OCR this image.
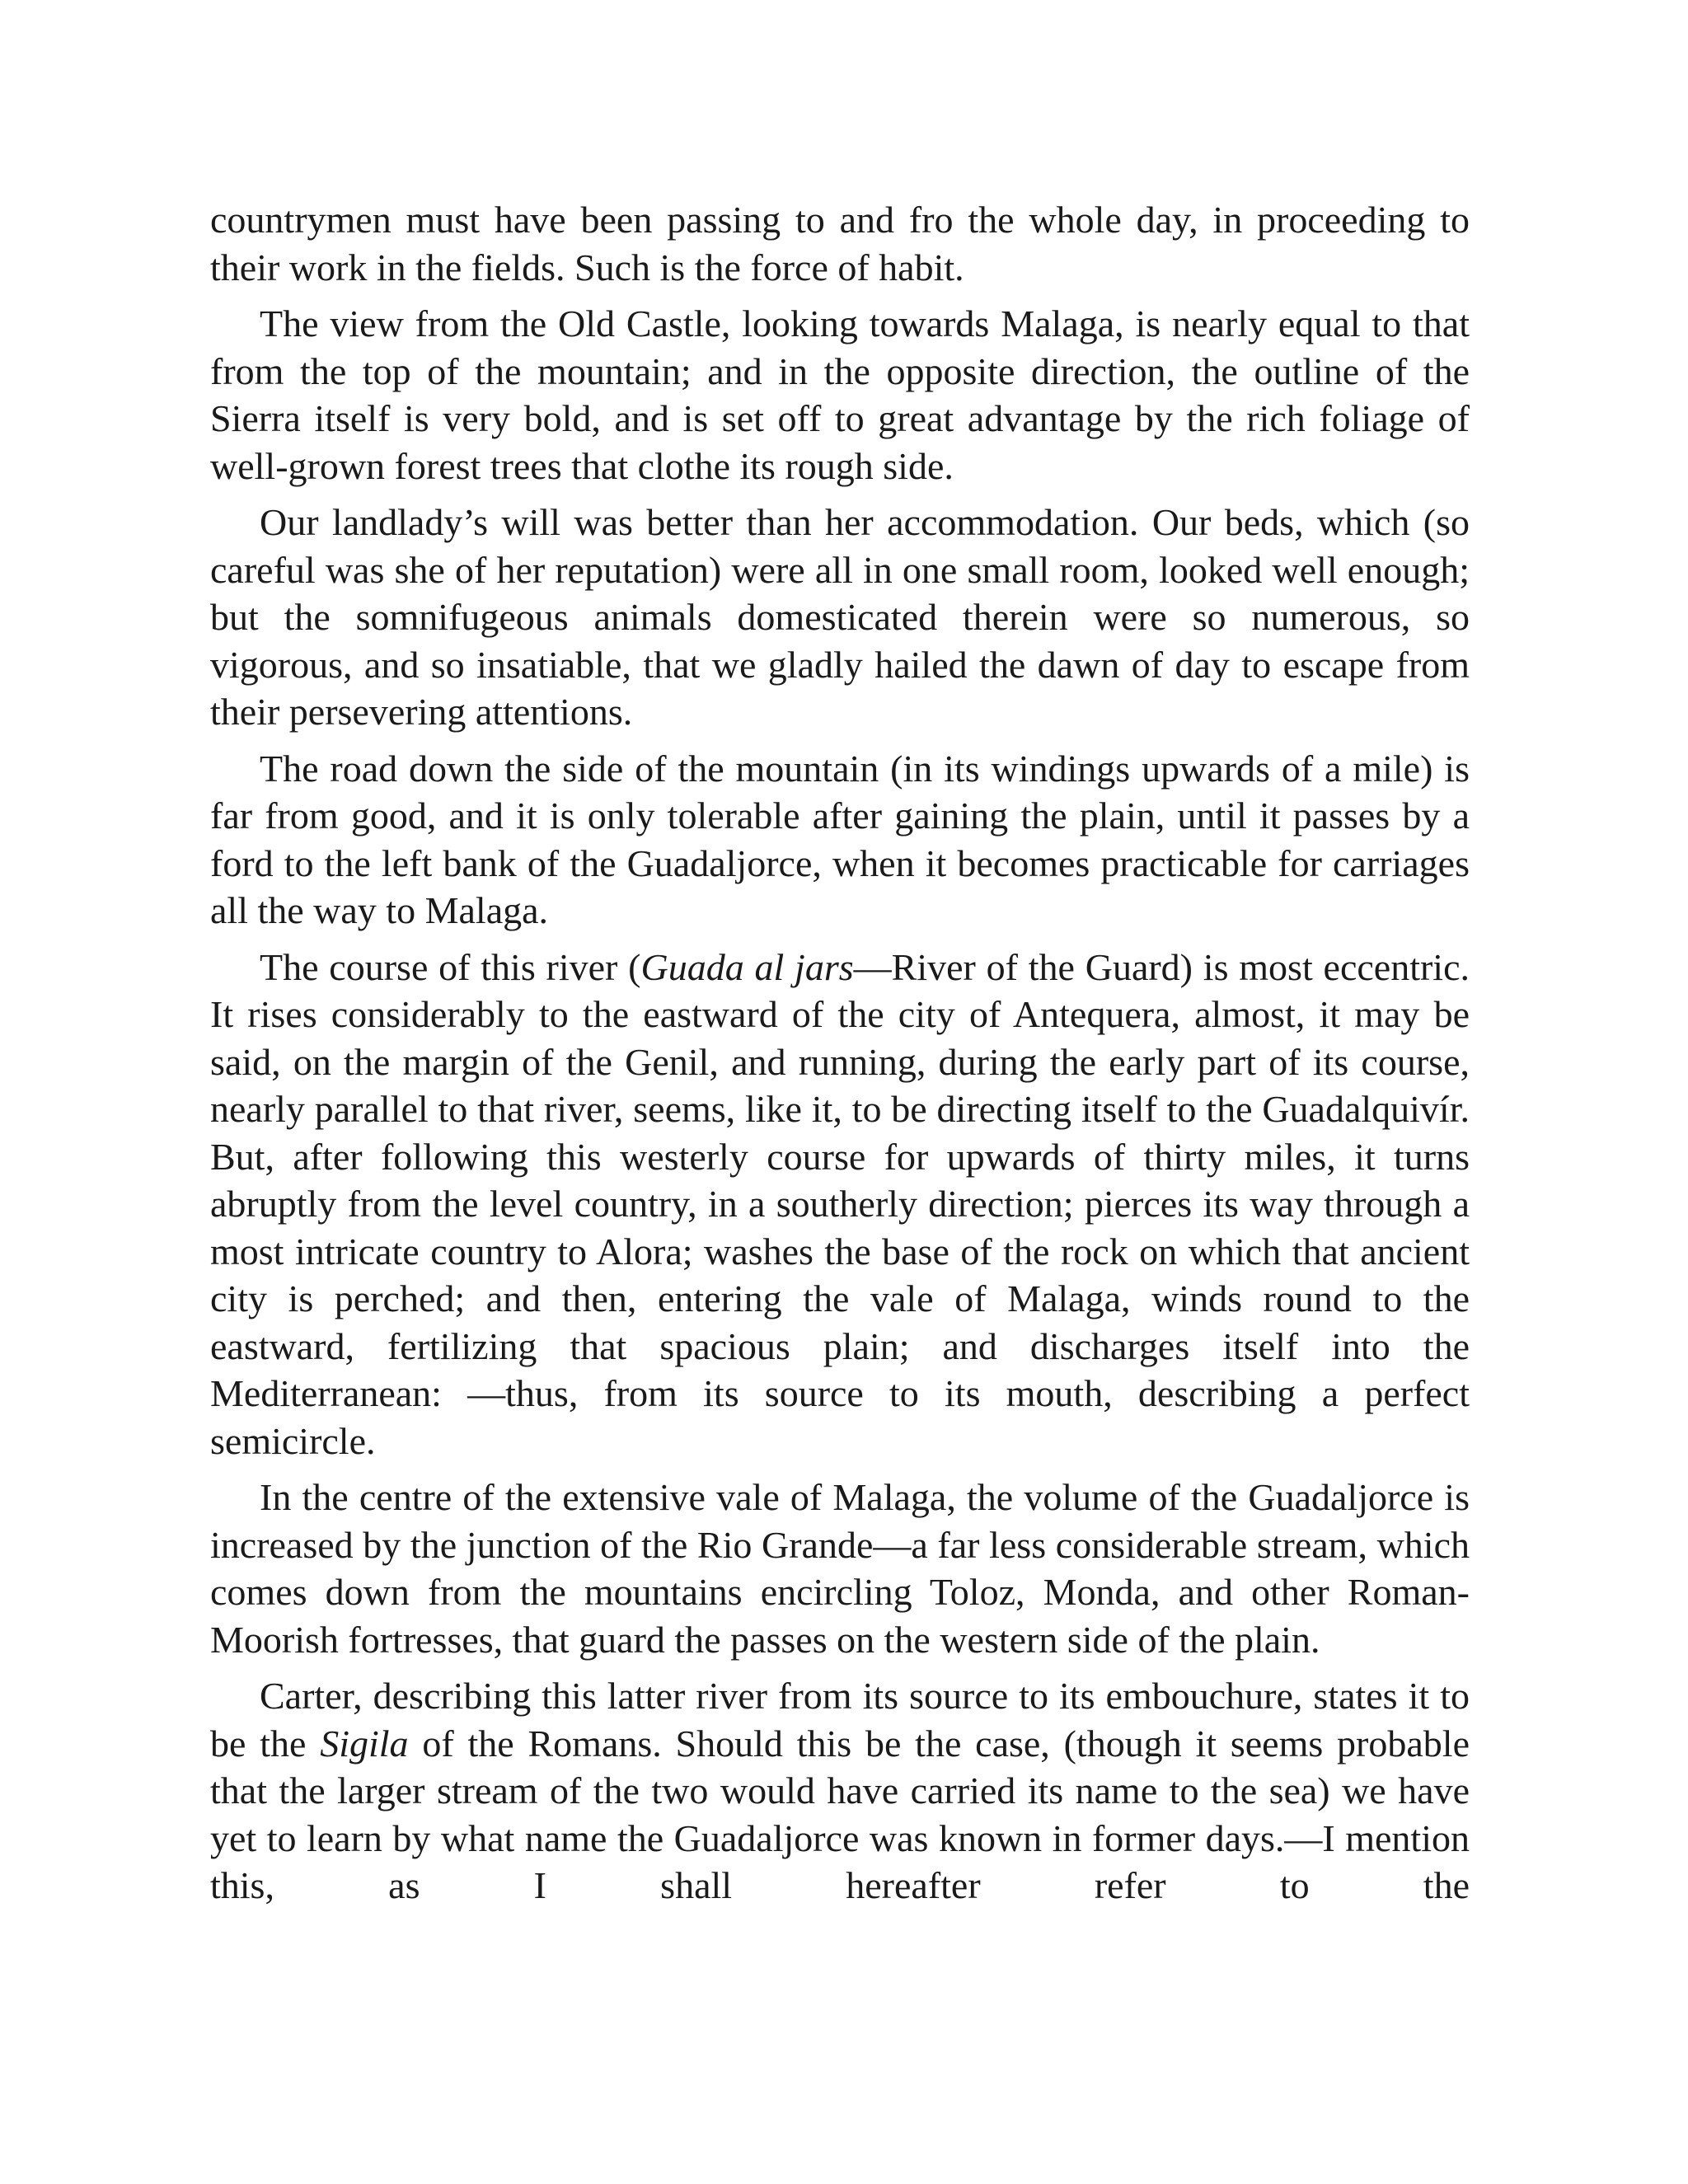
countrymen must have been passing to and fro the whole day, in proceeding to their work in the fields. Such is the force of habit.

The view from the Old Castle, looking towards Malaga, is nearly equal to that from the top of the mountain; and in the opposite direction, the outline of the Sierra itself is very bold, and is set off to great advantage by the rich foliage of well-grown forest trees that clothe its rough side.

Our landlady’s will was better than her accommodation. Our beds, which (so careful was she of her reputation) were all in one small room, looked well enough; but the somnifugeous animals domesticated therein were so numerous, so vigorous, and so insatiable, that we gladly hailed the dawn of day to escape from their persevering attentions.

The road down the side of the mountain (in its windings upwards of a mile) is far from good, and it is only tolerable after gaining the plain, until it passes by a ford to the left bank of the Guadaljorce, when it becomes practicable for carriages all the way to Malaga.

The course of this river (Guada al jars—River of the Guard) is most eccentric. It rises considerably to the eastward of the city of Antequera, almost, it may be said, on the margin of the Genil, and running, during the early part of its course, nearly parallel to that river, seems, like it, to be directing itself to the Guadalquivír. But, after following this westerly course for upwards of thirty miles, it turns abruptly from the level country, in a southerly direction; pierces its way through a most intricate country to Alora; washes the base of the rock on which that ancient city is perched; and then, entering the vale of Malaga, winds round to the eastward, fertilizing that spacious plain; and discharges itself into the Mediterranean: —thus, from its source to its mouth, describing a perfect semicircle.

In the centre of the extensive vale of Malaga, the volume of the Guadaljorce is increased by the junction of the Rio Grande—a far less considerable stream, which comes down from the mountains encircling Toloz, Monda, and other Roman-Moorish fortresses, that guard the passes on the western side of the plain.

Carter, describing this latter river from its source to its embouchure, states it to be the Sigila of the Romans. Should this be the case, (though it seems probable that the larger stream of the two would have carried its name to the sea) we have yet to learn by what name the Guadaljorce was known in former days.—I mention this, as I shall hereafter refer to the
